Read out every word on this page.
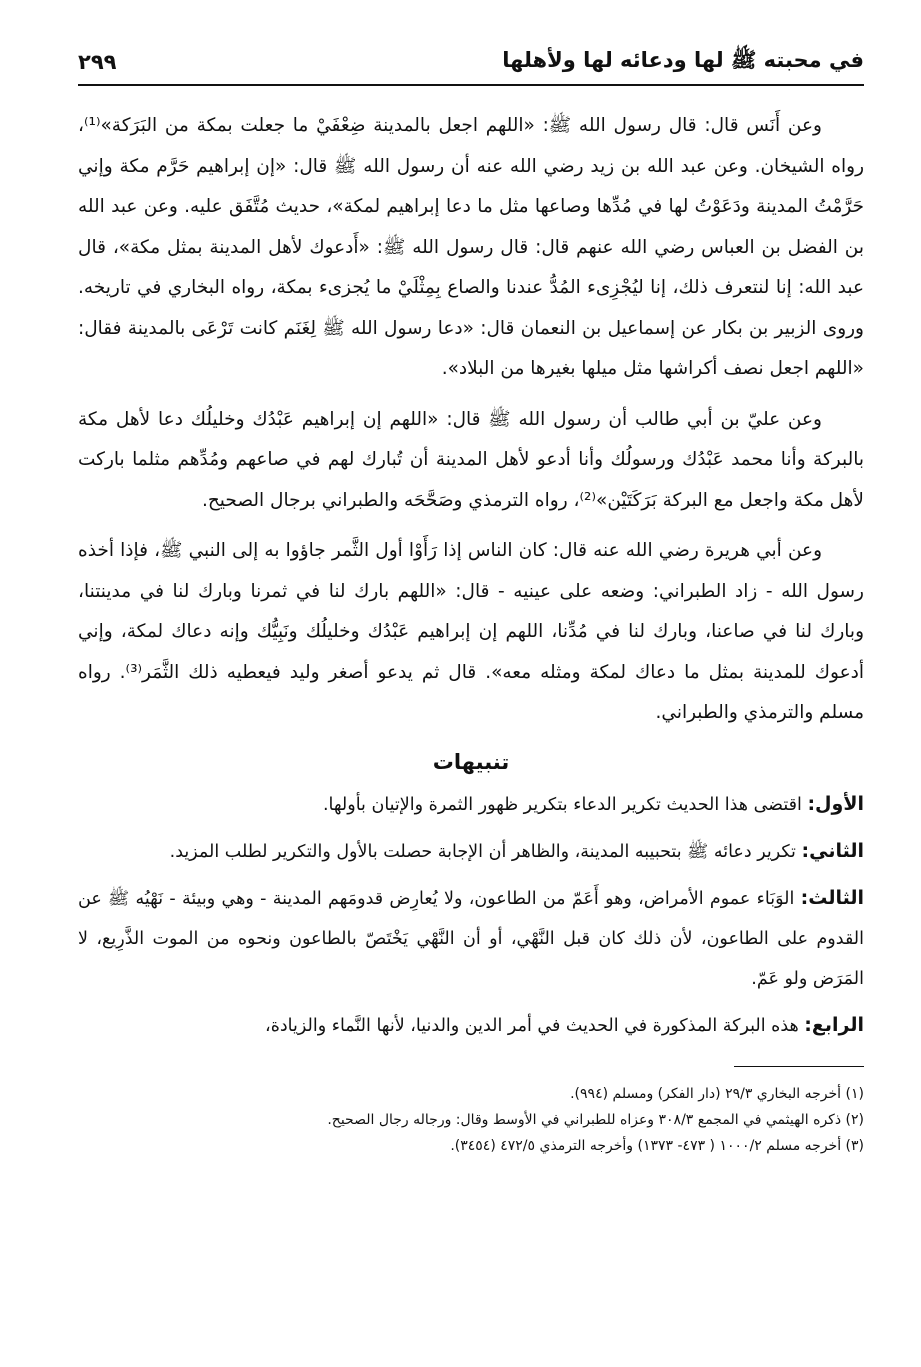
في محبته ﷺ لها ودعائه لها ولأهلها
٢٩٩

وعن أَنَس قال: قال رسول الله ﷺ: «اللهم اجعل بالمدينة ضِعْفَيْ ما جعلت بمكة من البَرَكة»⁽¹⁾، رواه الشيخان. وعن عبد الله بن زيد رضي الله عنه أن رسول الله ﷺ قال: «إن إبراهيم حَرَّم مكة وإني حَرَّمْتُ المدينة ودَعَوْتُ لها في مُدِّها وصاعها مثل ما دعا إبراهيم لمكة»، حديث مُتَّفَق عليه. وعن عبد الله بن الفضل بن العباس رضي الله عنهم قال: قال رسول الله ﷺ: «أَدعوك لأهل المدينة بمثل مكة»، قال عبد الله: إنا لنتعرف ذلك، إنا ليُجْزِىء المُدُّ عندنا والصاع بِمِثْلَيْ ما يُجزىء بمكة، رواه البخاري في تاريخه. وروى الزبير بن بكار عن إسماعيل بن النعمان قال: «دعا رسول الله ﷺ لِغَنَم كانت تَرْعَى بالمدينة فقال: «اللهم اجعل نصف أكراشها مثل ميلها بغيرها من البلاد».

وعن عليّ بن أبي طالب أن رسول الله ﷺ قال: «اللهم إن إبراهيم عَبْدُك وخليلُك دعا لأهل مكة بالبركة وأنا محمد عَبْدُك ورسولُك وأنا أدعو لأهل المدينة أن تُبارك لهم في صاعهم ومُدِّهم مثلما باركت لأهل مكة واجعل مع البركة بَرَكَتَيْن»⁽²⁾، رواه الترمذي وصَحَّحَه والطبراني برجال الصحيح.

وعن أبي هريرة رضي الله عنه قال: كان الناس إذا رَأَوْا أول الثَّمر جاؤوا به إلى النبي ﷺ، فإذا أخذه رسول الله - زاد الطبراني: وضعه على عينيه - قال: «اللهم بارك لنا في ثمرنا وبارك لنا في مدينتنا، وبارك لنا في صاعنا، وبارك لنا في مُدِّنا، اللهم إن إبراهيم عَبْدُك وخليلُك ونَبِيُّك وإنه دعاك لمكة، وإني أدعوك للمدينة بمثل ما دعاك لمكة ومثله معه». قال ثم يدعو أصغر وليد فيعطيه ذلك الثَّمَر⁽³⁾. رواه مسلم والترمذي والطبراني.

تنبيهات

الأول: اقتضى هذا الحديث تكرير الدعاء بتكرير ظهور الثمرة والإتيان بأولها.

الثاني: تكرير دعائه ﷺ بتحبيبه المدينة، والظاهر أن الإجابة حصلت بالأول والتكرير لطلب المزيد.

الثالث: الوَبَاء عموم الأمراض، وهو أَعَمّ من الطاعون، ولا يُعارِض قدومَهم المدينة - وهي وبيئة - نَهْيُه ﷺ عن القدوم على الطاعون، لأن ذلك كان قبل النَّهْي، أو أن النَّهْي يَخْتَصّ بالطاعون ونحوه من الموت الذَّرِيع، لا المَرَض ولو عَمّ.

الرابع: هذه البركة المذكورة في الحديث في أمر الدين والدنيا، لأنها النَّماء والزيادة،

(١) أخرجه البخاري ٢٩/٣ (دار الفكر) ومسلم (٩٩٤).

(٢) ذكره الهيثمي في المجمع ٣٠٨/٣ وعزاه للطبراني في الأوسط وقال: ورجاله رجال الصحيح.

(٣) أخرجه مسلم ١٠٠٠/٢ ( ٤٧٣- ١٣٧٣) وأخرجه الترمذي ٤٧٢/٥ (٣٤٥٤).
